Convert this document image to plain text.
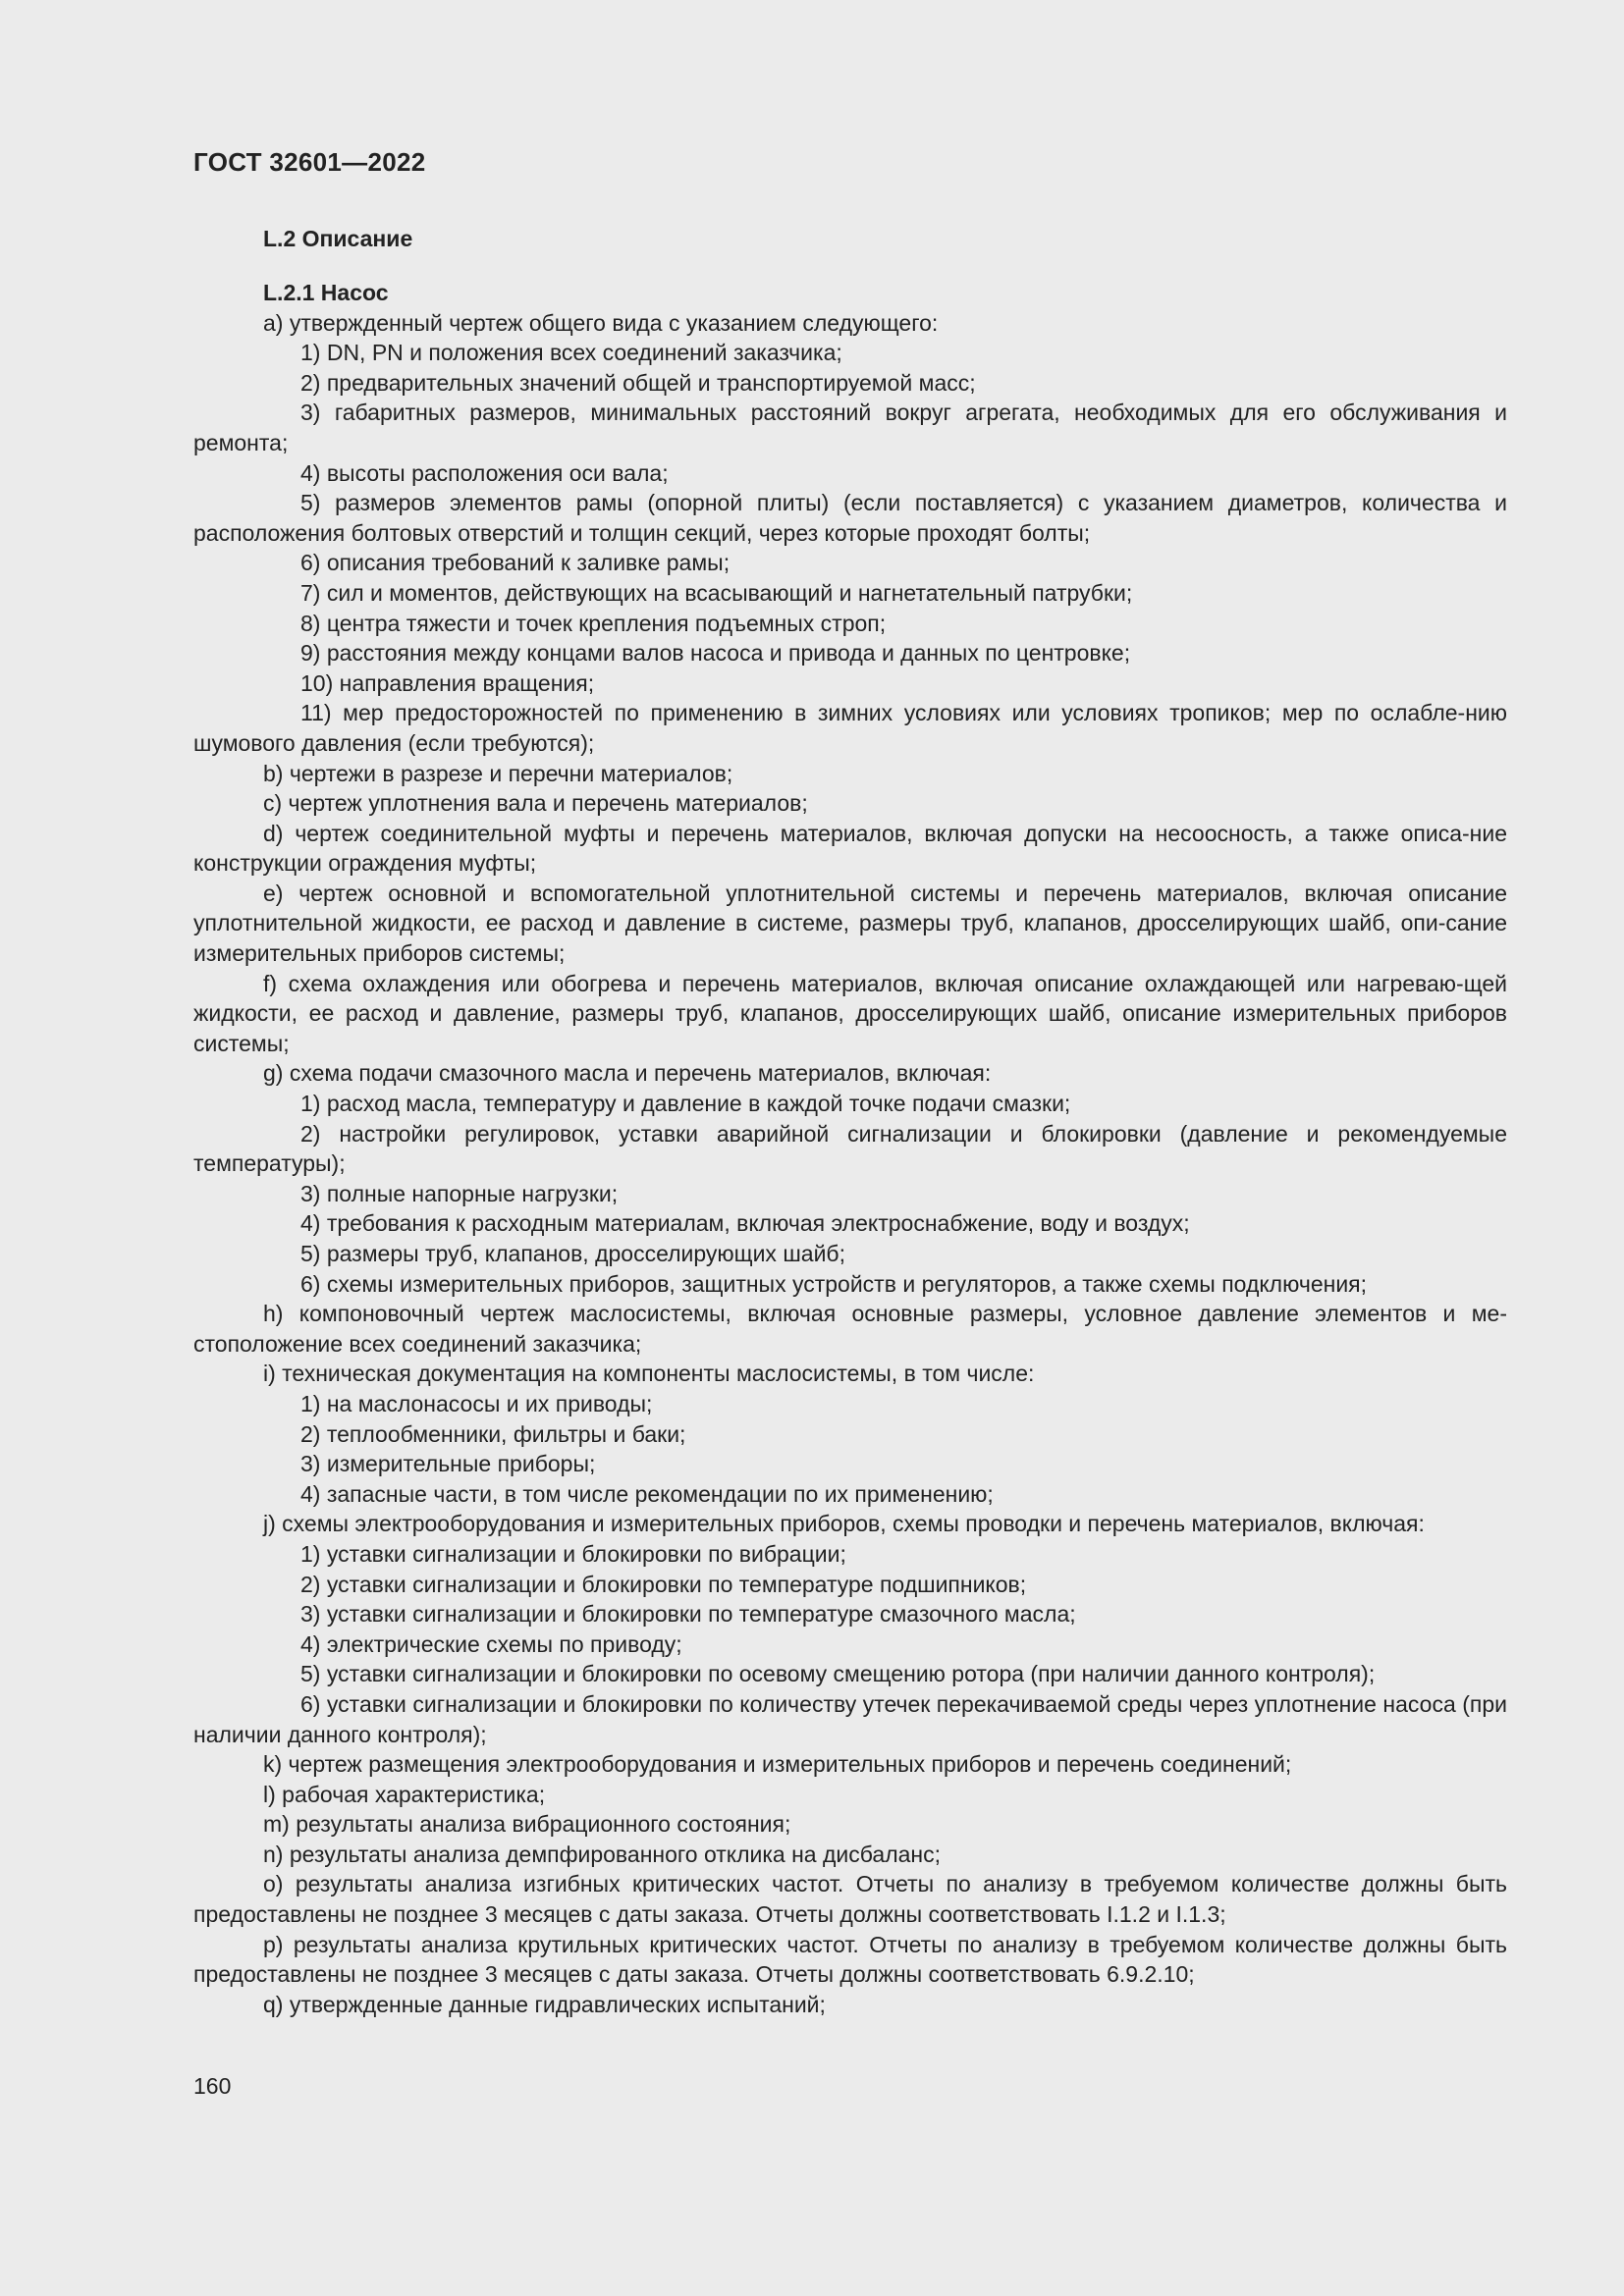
ГОСТ 32601—2022
L.2 Описание

L.2.1 Насос

а) утвержденный чертеж общего вида с указанием следующего:

1) DN, PN и положения всех соединений заказчика;

2) предварительных значений общей и транспортируемой масс;

3) габаритных размеров, минимальных расстояний вокруг агрегата, необходимых для его обслуживания и ремонта;

4) высоты расположения оси вала;

5) размеров элементов рамы (опорной плиты) (если поставляется) с указанием диаметров, количества и расположения болтовых отверстий и толщин секций, через которые проходят болты;

6) описания требований к заливке рамы;

7) сил и моментов, действующих на всасывающий и нагнетательный патрубки;

8) центра тяжести и точек крепления подъемных строп;

9) расстояния между концами валов насоса и привода и данных по центровке;

10) направления вращения;

11) мер предосторожностей по применению в зимних условиях или условиях тропиков; мер по ослабле-нию шумового давления (если требуются);

b) чертежи в разрезе и перечни материалов;

c) чертеж уплотнения вала и перечень материалов;

d) чертеж соединительной муфты и перечень материалов, включая допуски на несоосность, а также описа-ние конструкции ограждения муфты;

e) чертеж основной и вспомогательной уплотнительной системы и перечень материалов, включая описание уплотнительной жидкости, ее расход и давление в системе, размеры труб, клапанов, дросселирующих шайб, опи-сание измерительных приборов системы;

f) схема охлаждения или обогрева и перечень материалов, включая описание охлаждающей или нагреваю-щей жидкости, ее расход и давление, размеры труб, клапанов, дросселирующих шайб, описание измерительных приборов системы;

g) схема подачи смазочного масла и перечень материалов, включая:

1) расход масла, температуру и давление в каждой точке подачи смазки;

2) настройки регулировок, уставки аварийной сигнализации и блокировки (давление и рекомендуемые температуры);

3) полные напорные нагрузки;

4) требования к расходным материалам, включая электроснабжение, воду и воздух;

5) размеры труб, клапанов, дросселирующих шайб;

6) схемы измерительных приборов, защитных устройств и регуляторов, а также схемы подключения;

h) компоновочный чертеж маслосистемы, включая основные размеры, условное давление элементов и ме-стоположение всех соединений заказчика;

i) техническая документация на компоненты маслосистемы, в том числе:

1) на маслонасосы и их приводы;

2) теплообменники, фильтры и баки;

3) измерительные приборы;

4) запасные части, в том числе рекомендации по их применению;

j) схемы электрооборудования и измерительных приборов, схемы проводки и перечень материалов, включая:

1) уставки сигнализации и блокировки по вибрации;

2) уставки сигнализации и блокировки по температуре подшипников;

3) уставки сигнализации и блокировки по температуре смазочного масла;

4) электрические схемы по приводу;

5) уставки сигнализации и блокировки по осевому смещению ротора (при наличии данного контроля);

6) уставки сигнализации и блокировки по количеству утечек перекачиваемой среды через уплотнение насоса (при наличии данного контроля);

k) чертеж размещения электрооборудования и измерительных приборов и перечень соединений;

l) рабочая характеристика;

m) результаты анализа вибрационного состояния;

n) результаты анализа демпфированного отклика на дисбаланс;

o) результаты анализа изгибных критических частот. Отчеты по анализу в требуемом количестве должны быть предоставлены не позднее 3 месяцев с даты заказа. Отчеты должны соответствовать I.1.2 и I.1.3;

p) результаты анализа крутильных критических частот. Отчеты по анализу в требуемом количестве должны быть предоставлены не позднее 3 месяцев с даты заказа. Отчеты должны соответствовать 6.9.2.10;

q) утвержденные данные гидравлических испытаний;

160
